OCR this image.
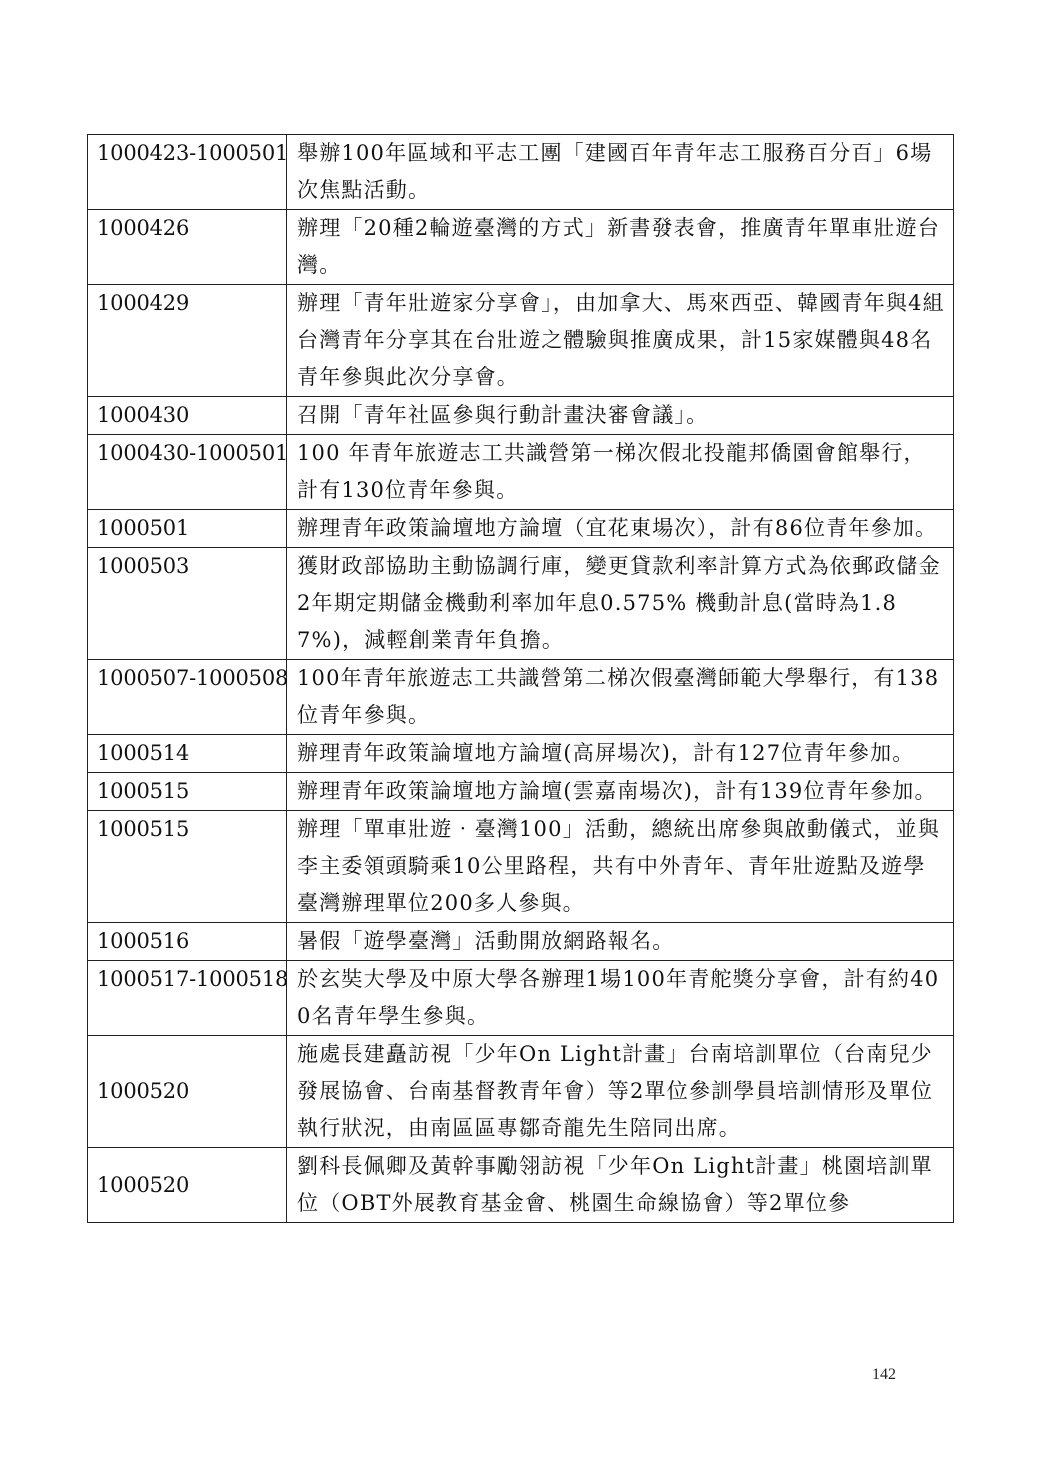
1000423-1000501	舉辦100年區域和平志工團「建國百年青年志工服務百分百」6場次焦點活動。
1000426	辦理「20種2輪遊臺灣的方式」新書發表會，推廣青年單車壯遊台灣。
1000429	辦理「青年壯遊家分享會」，由加拿大、馬來西亞、韓國青年與4組台灣青年分享其在台壯遊之體驗與推廣成果，計15家媒體與48名青年參與此次分享會。
1000430	召開「青年社區參與行動計畫決審會議」。
1000430-1000501	100 年青年旅遊志工共識營第一梯次假北投龍邦僑園會館舉行，計有130位青年參與。
1000501	辦理青年政策論壇地方論壇（宜花東場次），計有86位青年參加。
1000503	獲財政部協助主動協調行庫，變更貸款利率計算方式為依郵政儲金2年期定期儲金機動利率加年息0.575% 機動計息(當時為1.87%)，減輕創業青年負擔。
1000507-1000508	100年青年旅遊志工共識營第二梯次假臺灣師範大學舉行，有138位青年參與。
1000514	辦理青年政策論壇地方論壇(高屏場次)，計有127位青年參加。
1000515	辦理青年政策論壇地方論壇(雲嘉南場次)，計有139位青年參加。
1000515	辦理「單車壯遊‧臺灣100」活動，總統出席參與啟動儀式，並與李主委領頭騎乘10公里路程，共有中外青年、青年壯遊點及遊學臺灣辦理單位200多人參與。
1000516	暑假「遊學臺灣」活動開放網路報名。
1000517-1000518	於玄奘大學及中原大學各辦理1場100年青舵獎分享會，計有約400名青年學生參與。
1000520	施處長建矗訪視「少年On Light計畫」台南培訓單位（台南兒少發展協會、台南基督教青年會）等2單位參訓學員培訓情形及單位執行狀況，由南區區專鄒奇龍先生陪同出席。
1000520	劉科長佩卿及黃幹事勵翎訪視「少年On Light計畫」桃園培訓單位（OBT外展教育基金會、桃園生命線協會）等2單位參
142
